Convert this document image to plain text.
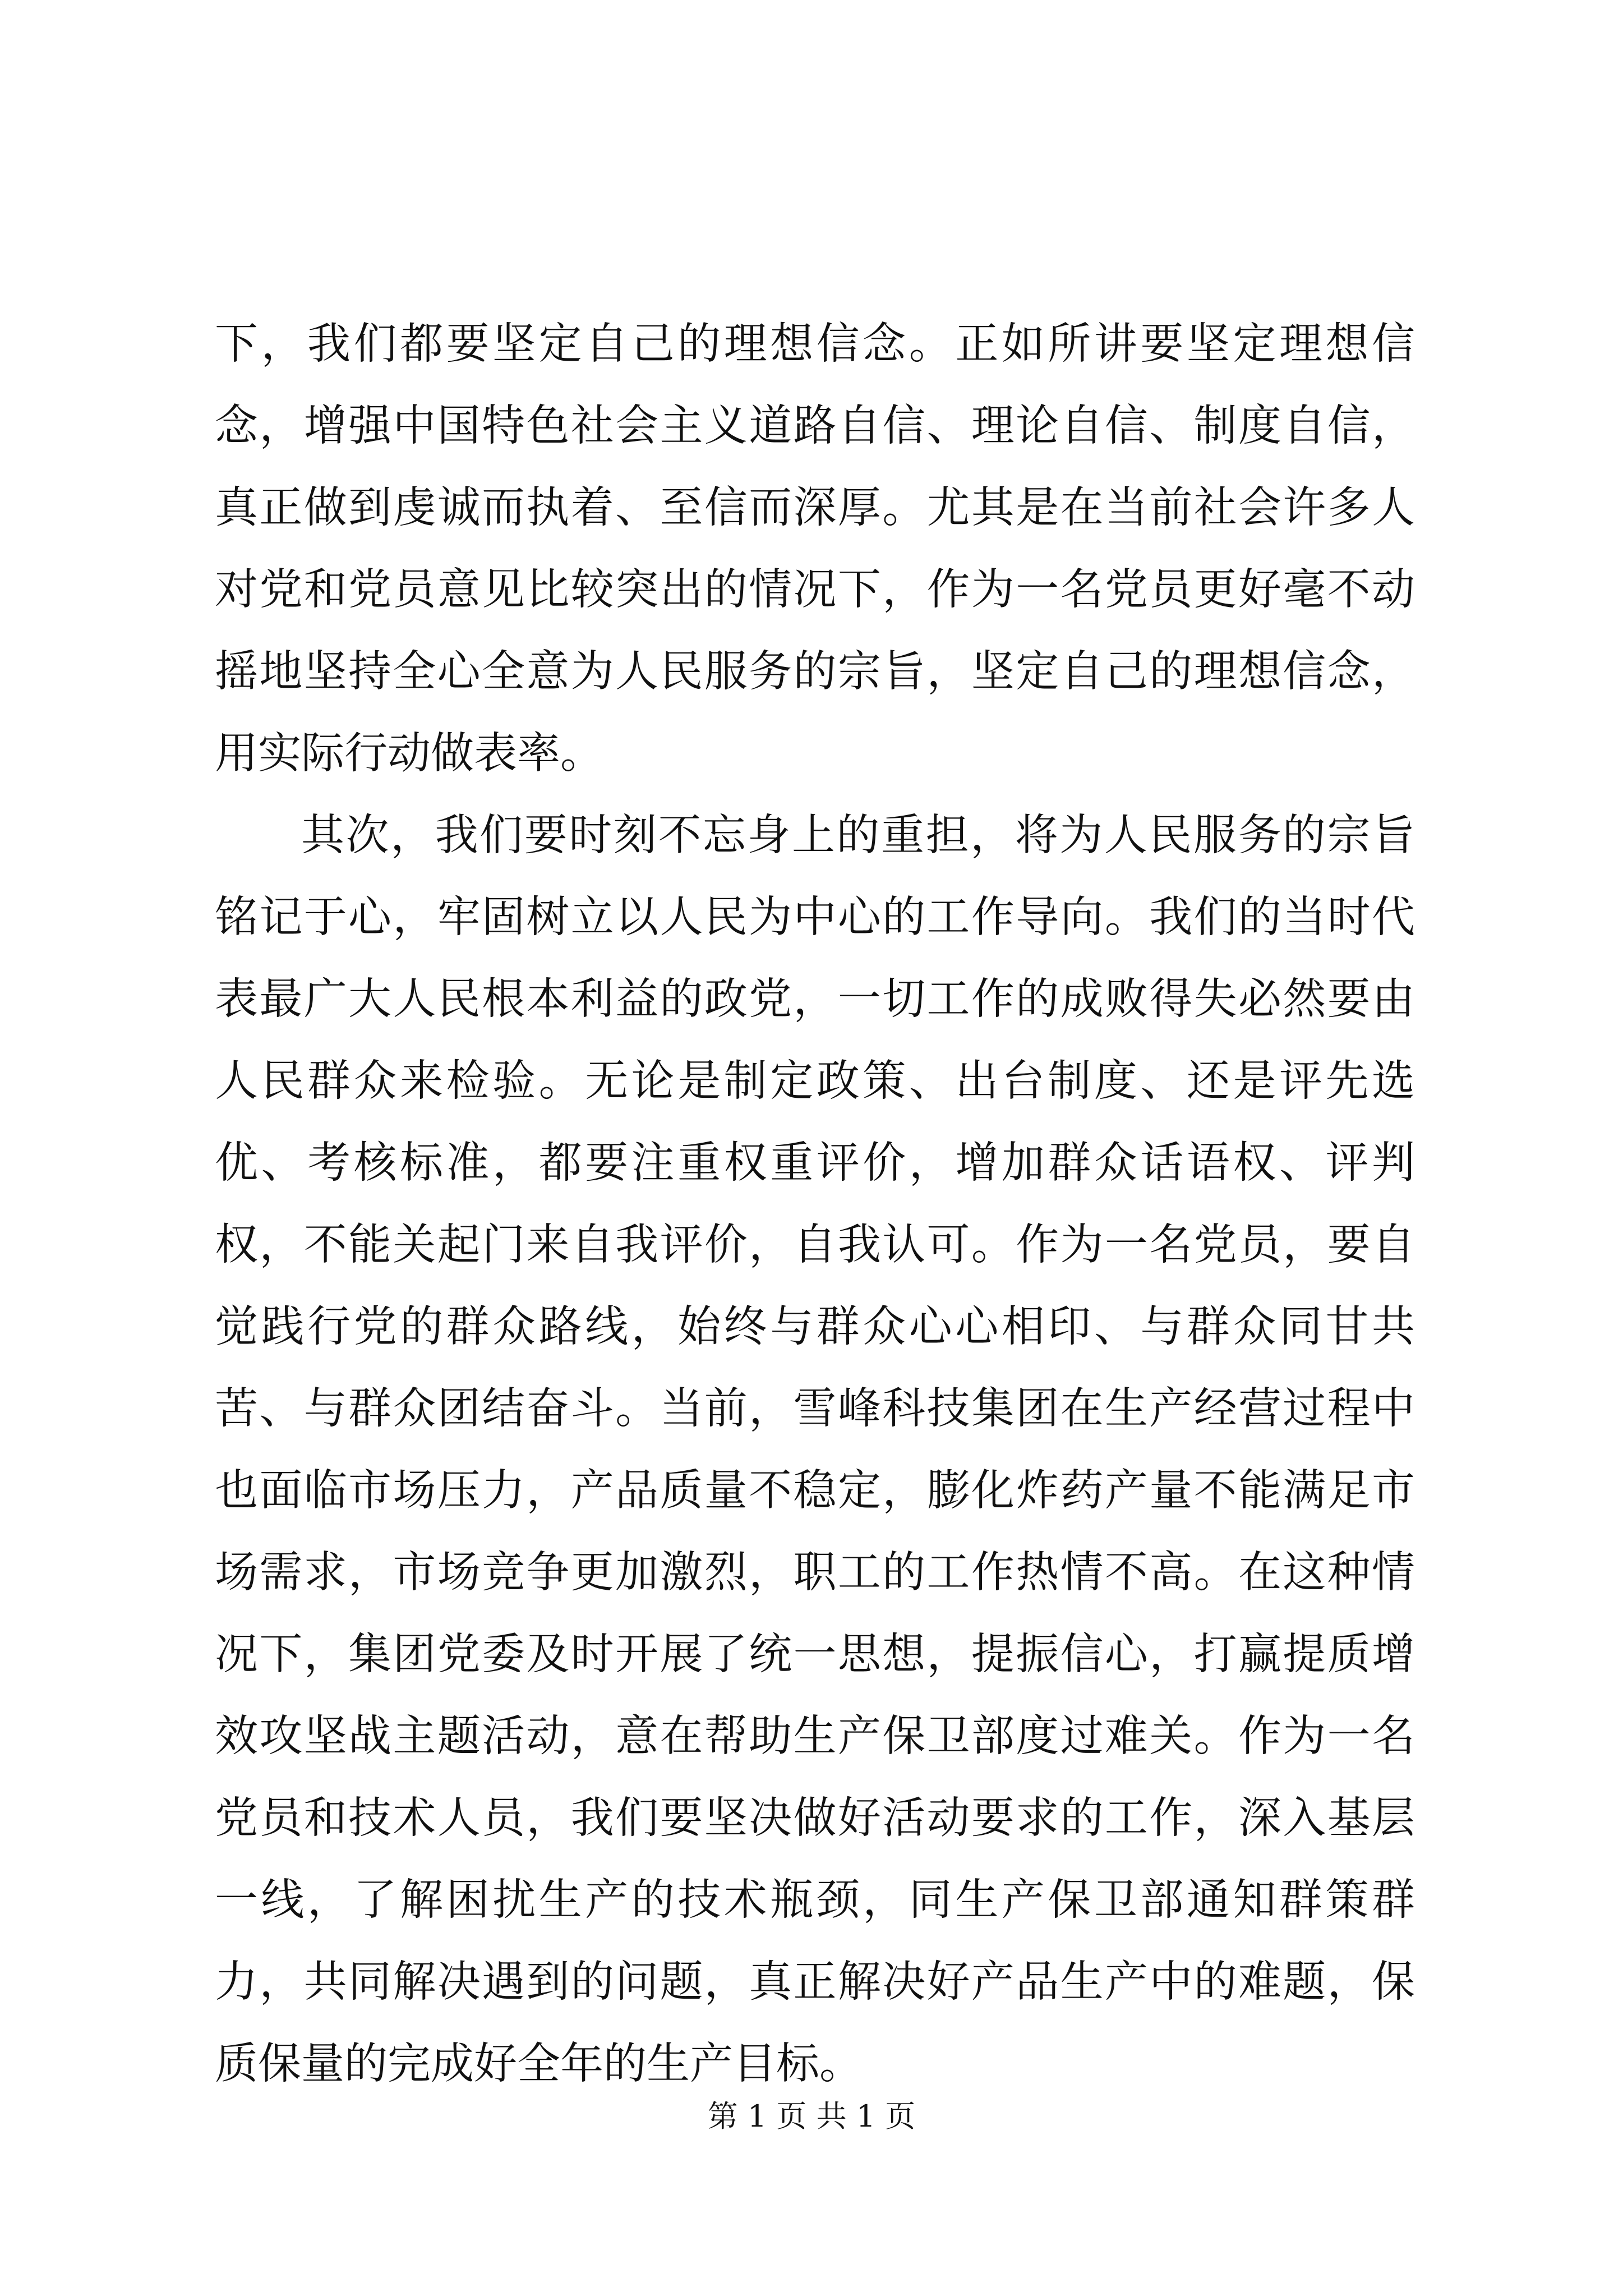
下，我们都要坚定自己的理想信念。正如所讲要坚定理想信念，增强中国特色社会主义道路自信、理论自信、制度自信，真正做到虔诚而执着、至信而深厚。尤其是在当前社会许多人对党和党员意见比较突出的情况下，作为一名党员更好毫不动摇地坚持全心全意为人民服务的宗旨，坚定自己的理想信念，用实际行动做表率。

其次，我们要时刻不忘身上的重担，将为人民服务的宗旨铭记于心，牢固树立以人民为中心的工作导向。我们的当时代表最广大人民根本利益的政党，一切工作的成败得失必然要由人民群众来检验。无论是制定政策、出台制度、还是评先选优、考核标准，都要注重权重评价，增加群众话语权、评判权，不能关起门来自我评价，自我认可。作为一名党员，要自觉践行党的群众路线，始终与群众心心相印、与群众同甘共苦、与群众团结奋斗。当前，雪峰科技集团在生产经营过程中也面临市场压力，产品质量不稳定，膨化炸药产量不能满足市场需求，市场竞争更加激烈，职工的工作热情不高。在这种情况下，集团党委及时开展了统一思想，提振信心，打赢提质增效攻坚战主题活动，意在帮助生产保卫部度过难关。作为一名党员和技术人员，我们要坚决做好活动要求的工作，深入基层一线，了解困扰生产的技术瓶颈，同生产保卫部通知群策群力，共同解决遇到的问题，真正解决好产品生产中的难题，保质保量的完成好全年的生产目标。

第 1 页 共 1 页
